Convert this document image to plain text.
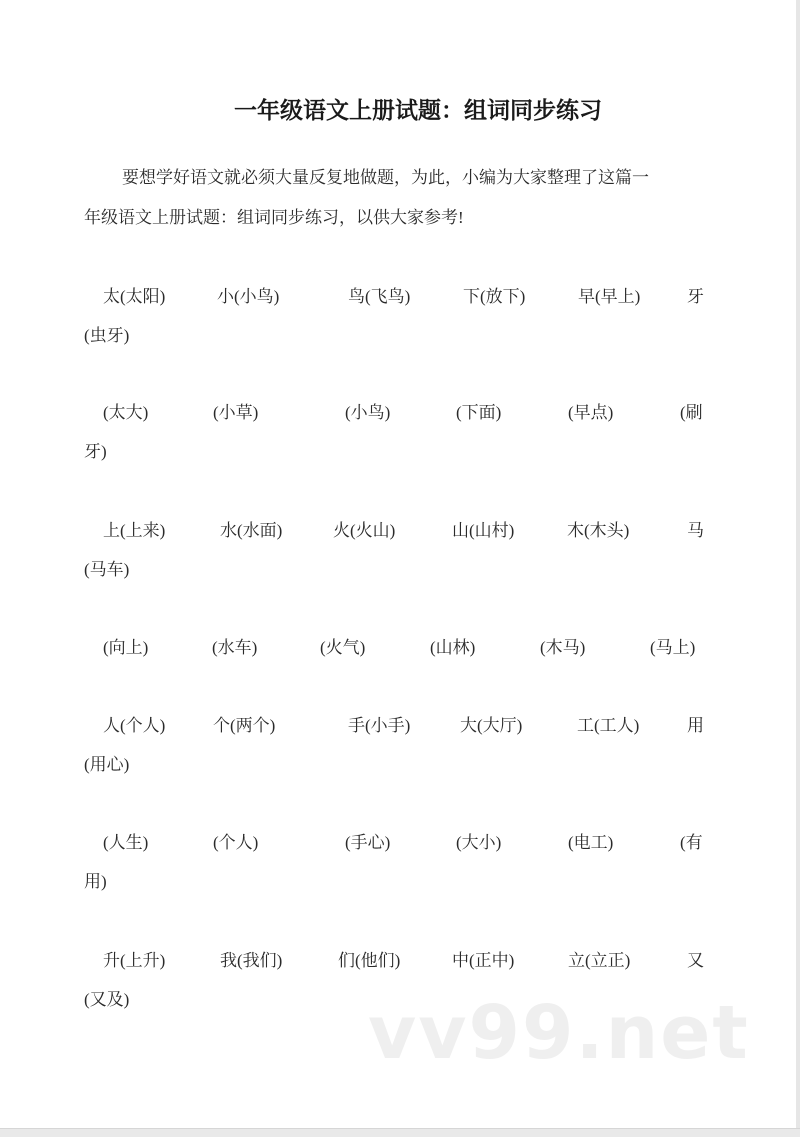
一年级语文上册试题：组词同步练习
要想学好语文就必须大量反复地做题，为此，小编为大家整理了这篇一
年级语文上册试题：组词同步练习，以供大家参考!
太(太阳)	小(小鸟)	鸟(飞鸟)	下(放下)	早(早上)	牙
(虫牙)
(太大)	(小草)	(小鸟)	(下面)	(早点)	(刷
牙)
上(上来)	水(水面)	火(火山)	山(山村)	木(木头)	马
(马车)
(向上)	(水车)	(火气)	(山林)	(木马)	(马上)
人(个人)	个(两个)	手(小手)	大(大厅)	工(工人)	用
(用心)
(人生)	(个人)	(手心)	(大小)	(电工)	(有
用)
升(上升)	我(我们)	们(他们)	中(正中)	立(立正)	又
(又及)	vv99.net
